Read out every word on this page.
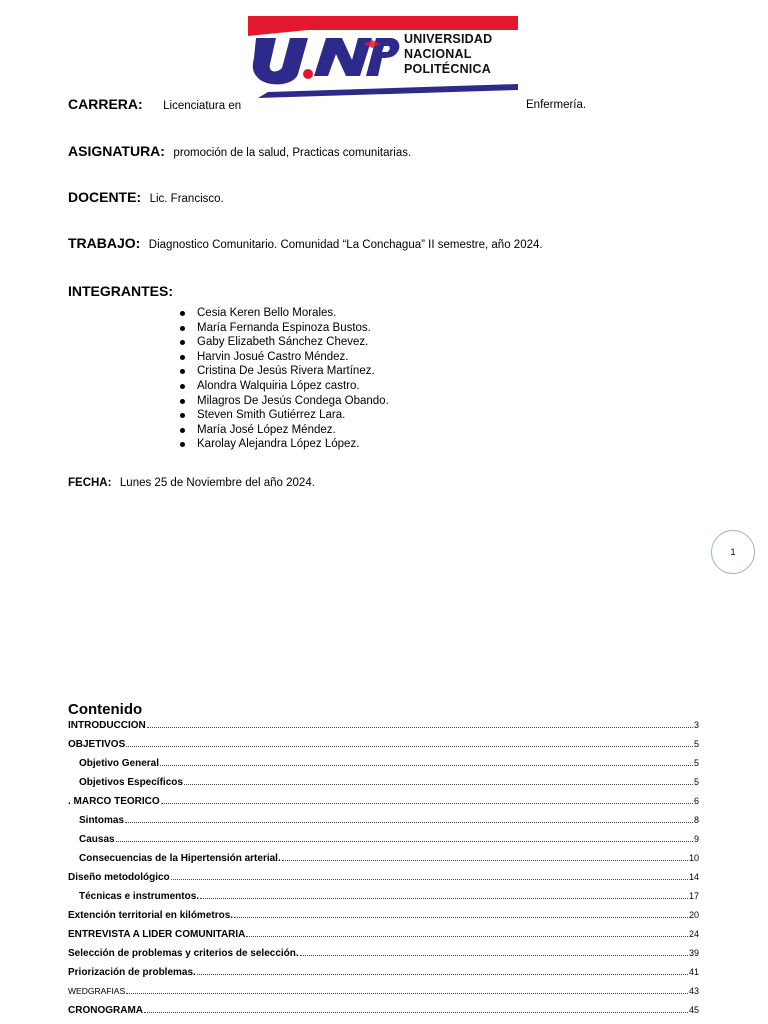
UNIVERSIDAD
NACIONAL
POLITÉCNICA
CARRERA: Licenciatura en	Enfermería.
ASIGNATURA: promoción de la salud, Practicas comunitarias.
DOCENTE: Lic. Francisco.
TRABAJO: Diagnostico Comunitario. Comunidad “La Conchagua” II semestre, año 2024.
INTEGRANTES:
Cesia Keren Bello Morales.
María Fernanda Espinoza Bustos.
Gaby Elizabeth Sánchez Chevez.
Harvin Josué Castro Méndez.
Cristina De Jesús Rivera Martínez.
Alondra Walquiria López castro.
Milagros De Jesús Condega Obando.
Steven Smith Gutiérrez Lara.
María José López Méndez.
Karolay Alejandra López López.
FECHA: Lunes 25 de Noviembre del año 2024.
1
Contenido
INTRODUCCIÓN	3
OBJETIVOS	5
Objetivo General	5
Objetivos Específicos	5
. MARCO TEORICO	6
Sintomas	8
Causas	9
Consecuencias de la Hipertensión arterial.	10
Diseño metodológico	14
Técnicas e instrumentos.	17
Extención territorial en kilómetros.	20
ENTREVISTA A LIDER COMUNITARIA	24
Selección de problemas y criterios de selección.	39
Priorización de problemas.	41
WEDGRAFIAS	43
CRONOGRAMA	45
